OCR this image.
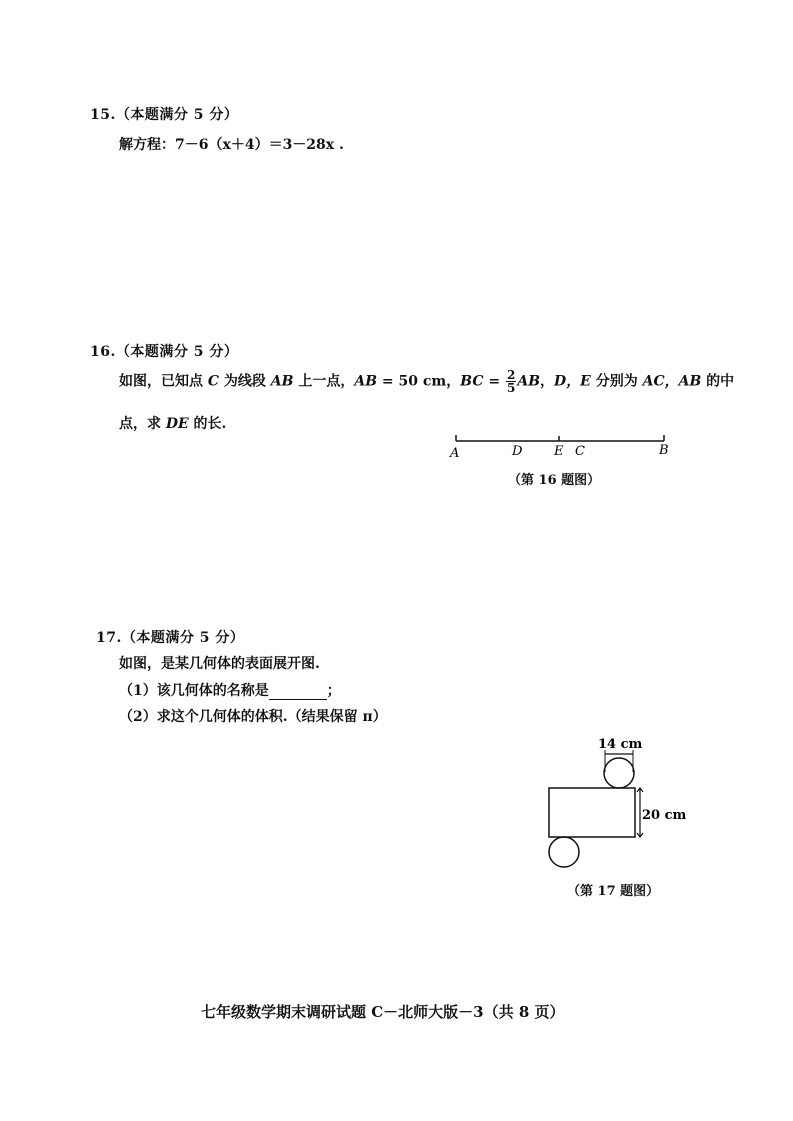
15.（本题满分 5 分）
解方程：7－6（x＋4）＝3－28x .
16.（本题满分 5 分）
如图，已知点 C 为线段 AB 上一点，AB = 50 cm，BC = $\frac{2}{5}$ AB，D，E 分别为 AC，AB 的中
点，求 DE 的长.
A	D E C	B
（第 16 题图）
17.（本题满分 5 分）
如图，是某几何体的表面展开图.
（1）该几何体的名称是	；
（2）求这个几何体的体积.（结果保留 π）
14 cm
20 cm
（第 17 题图）
七年级数学期末调研试题 C－北师大版－3（共 8 页）
